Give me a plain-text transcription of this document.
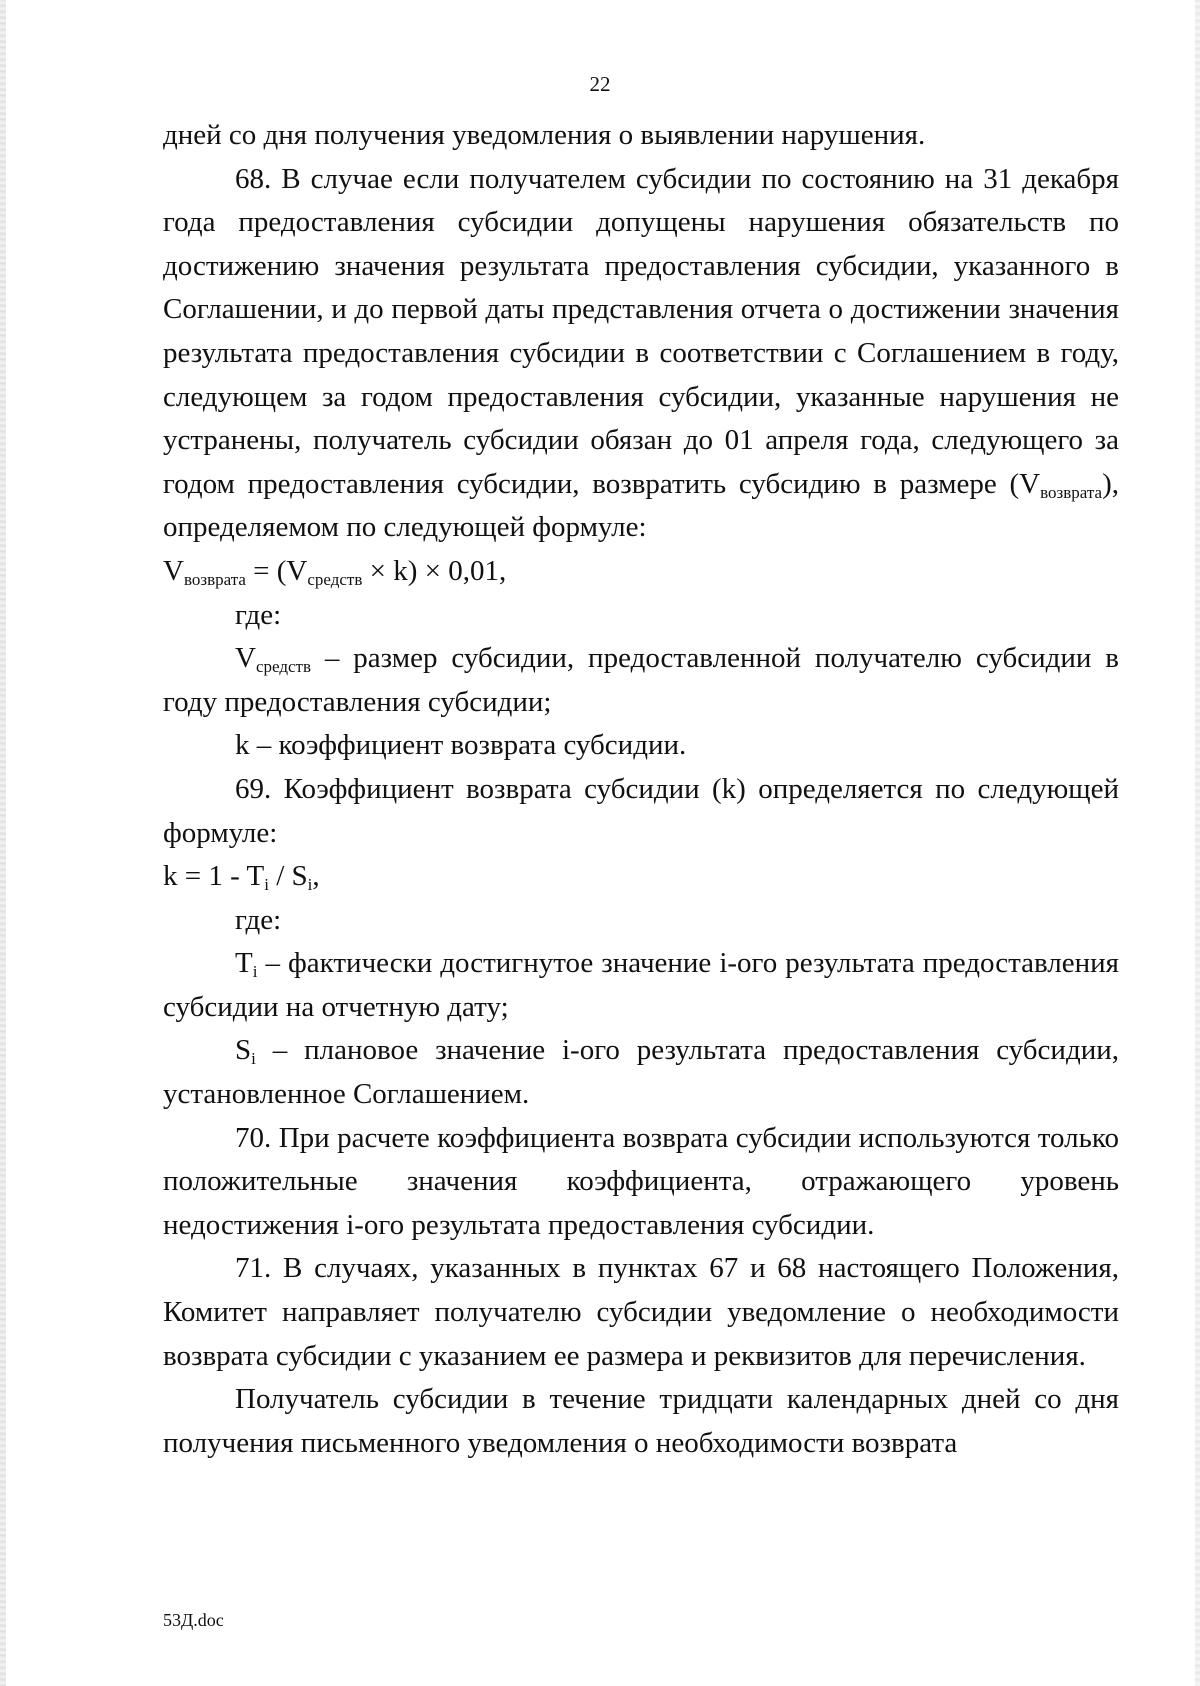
22

дней со дня получения уведомления о выявлении нарушения.

68. В случае если получателем субсидии по состоянию на 31 декабря года предоставления субсидии допущены нарушения обязательств по достижению значения результата предоставления субсидии, указанного в Соглашении, и до первой даты представления отчета о достижении значения результата предоставления субсидии в соответствии с Соглашением в году, следующем за годом предоставления субсидии, указанные нарушения не устранены, получатель субсидии обязан до 01 апреля года, следующего за годом предоставления субсидии, возвратить субсидию в размере $(V_{возврата})$, определяемом по следующей формуле:

$V_{возврата} = (V_{средств} \times k) \times 0,01$,

где:

$V_{средств}$ – размер субсидии, предоставленной получателю субсидии в году предоставления субсидии;

k – коэффициент возврата субсидии.

69. Коэффициент возврата субсидии (k) определяется по следующей формуле:

$k = 1 - T_i / S_i$,

где:

$T_i$ – фактически достигнутое значение i-ого результата предоставления субсидии на отчетную дату;

$S_i$ – плановое значение i-ого результата предоставления субсидии, установленное Соглашением.

70. При расчете коэффициента возврата субсидии используются только положительные значения коэффициента, отражающего уровень недостижения i-ого результата предоставления субсидии.

71. В случаях, указанных в пунктах 67 и 68 настоящего Положения, Комитет направляет получателю субсидии уведомление о необходимости возврата субсидии с указанием ее размера и реквизитов для перечисления.

Получатель субсидии в течение тридцати календарных дней со дня получения письменного уведомления о необходимости возврата

53Д.doc
